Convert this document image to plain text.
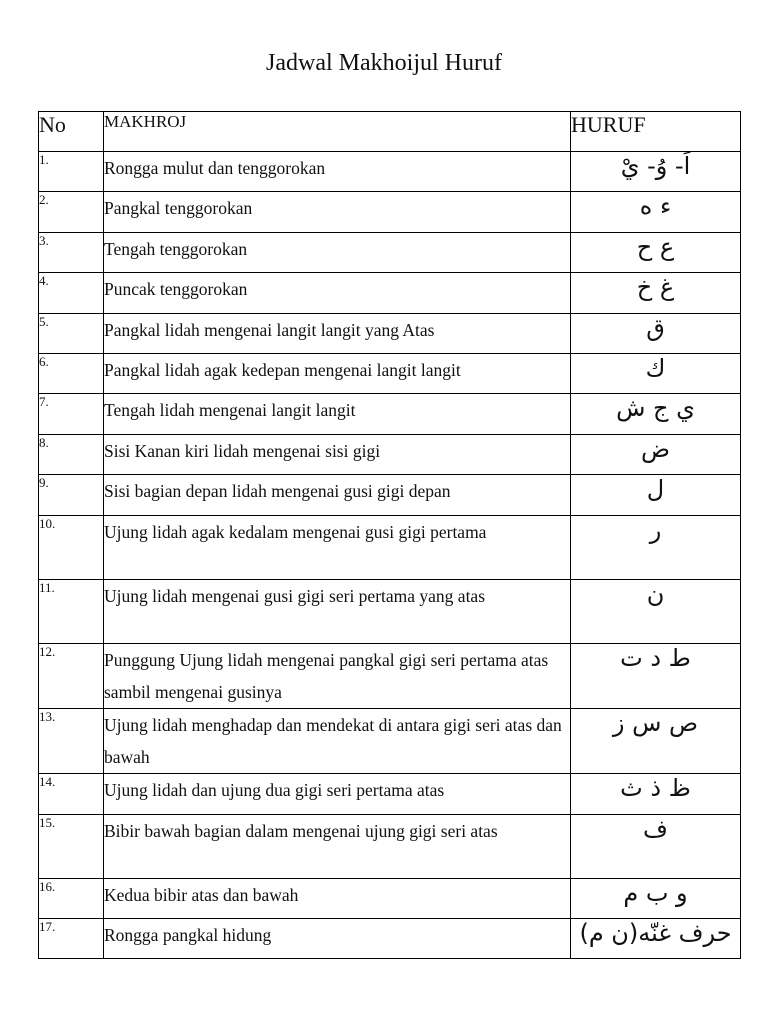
Jadwal Makhoijul Huruf
No	MAKHROJ	HURUF
1.	Rongga mulut dan tenggorokan	اَ- وُ- يْ
2.	Pangkal tenggorokan	ء ه
3.	Tengah tenggorokan	ع ح
4.	Puncak tenggorokan	غ خ
5.	Pangkal lidah mengenai langit langit yang Atas	ق
6.	Pangkal lidah agak kedepan mengenai langit langit	ك
7.	Tengah lidah mengenai langit langit	ي ج ش
8.	Sisi Kanan kiri lidah mengenai sisi gigi	ض
9.	Sisi bagian depan lidah mengenai gusi gigi depan	ل
10.	Ujung lidah agak kedalam mengenai gusi gigi pertama	ر
11.	Ujung lidah mengenai gusi gigi seri pertama yang atas	ن
12.	Punggung Ujung lidah mengenai pangkal gigi seri pertama atas sambil mengenai gusinya	ط د ت
13.	Ujung lidah menghadap dan mendekat di antara gigi seri atas dan bawah	ص س ز
14.	Ujung lidah dan ujung dua gigi seri pertama atas	ظ ذ ث
15.	Bibir bawah bagian dalam mengenai ujung gigi seri atas	ف
16.	Kedua bibir atas dan bawah	و ب م
17.	Rongga pangkal hidung	حرف غنّه(ن م)
